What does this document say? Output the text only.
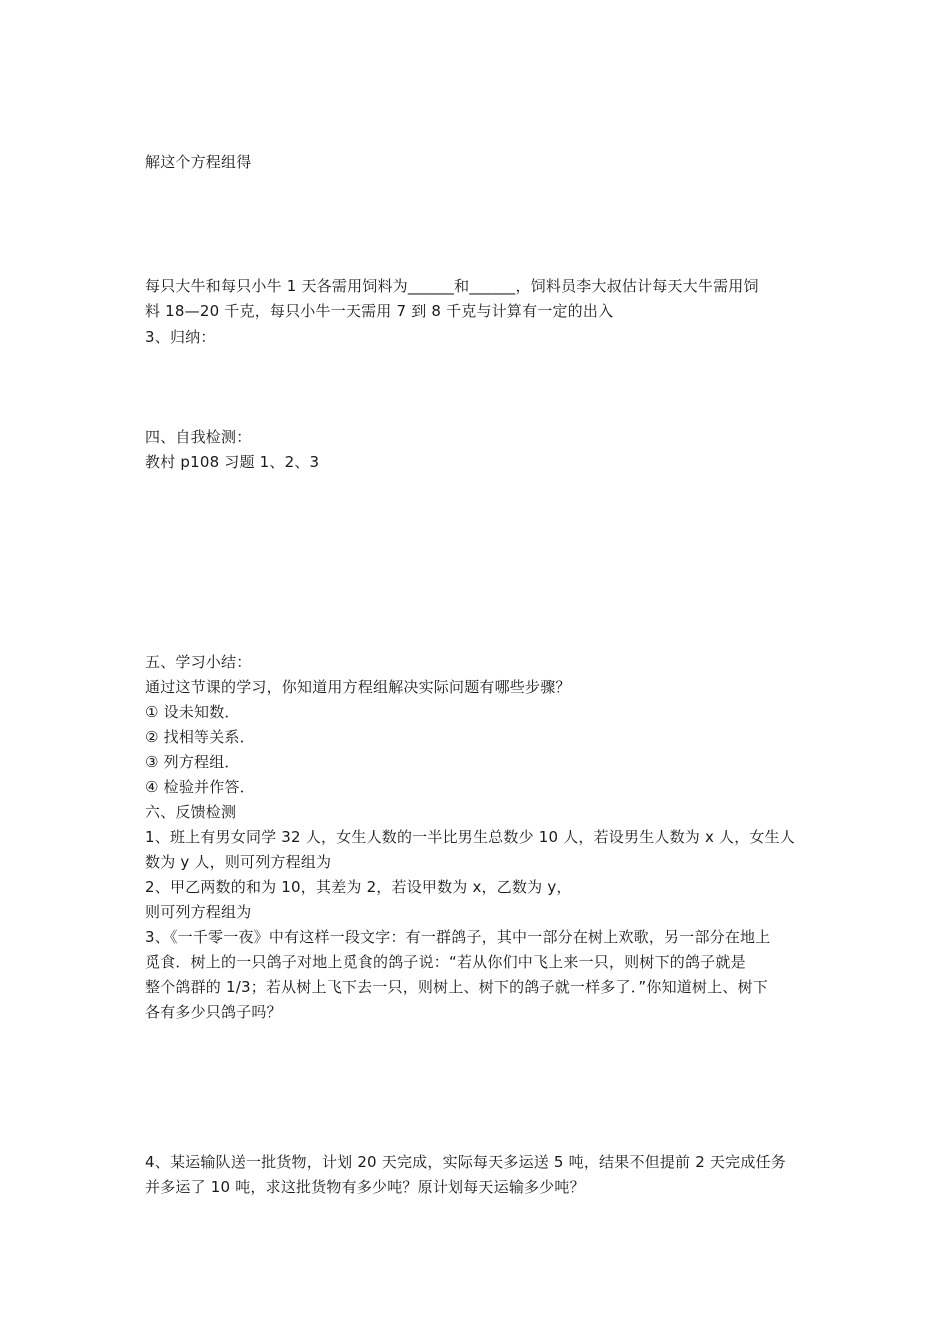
解这个方程组得
每只大牛和每只小牛 1 天各需用饲料为______和______，饲料员李大叔估计每天大牛需用饲
料 18—20 千克，每只小牛一天需用 7 到 8 千克与计算有一定的出入
3、归纳：
四、自我检测：
教村 p108 习题 1、2、3
五、学习小结：
通过这节课的学习，你知道用方程组解决实际问题有哪些步骤？
① 设未知数．
② 找相等关系．
③ 列方程组．
④ 检验并作答．
六、反馈检测
1、班上有男女同学 32 人，女生人数的一半比男生总数少 10 人，若设男生人数为 x 人，女生人
数为 y 人，则可列方程组为
2、甲乙两数的和为 10，其差为 2，若设甲数为 x，乙数为 y，
则可列方程组为
3、《一千零一夜》中有这样一段文字：有一群鸽子，其中一部分在树上欢歌，另一部分在地上
觅食．树上的一只鸽子对地上觅食的鸽子说：“若从你们中飞上来一只，则树下的鸽子就是
整个鸽群的 1/3；若从树上飞下去一只，则树上、树下的鸽子就一样多了．”你知道树上、树下
各有多少只鸽子吗？
4、某运输队送一批货物，计划 20 天完成，实际每天多运送 5 吨，结果不但提前 2 天完成任务
并多运了 10 吨，求这批货物有多少吨？原计划每天运输多少吨？
